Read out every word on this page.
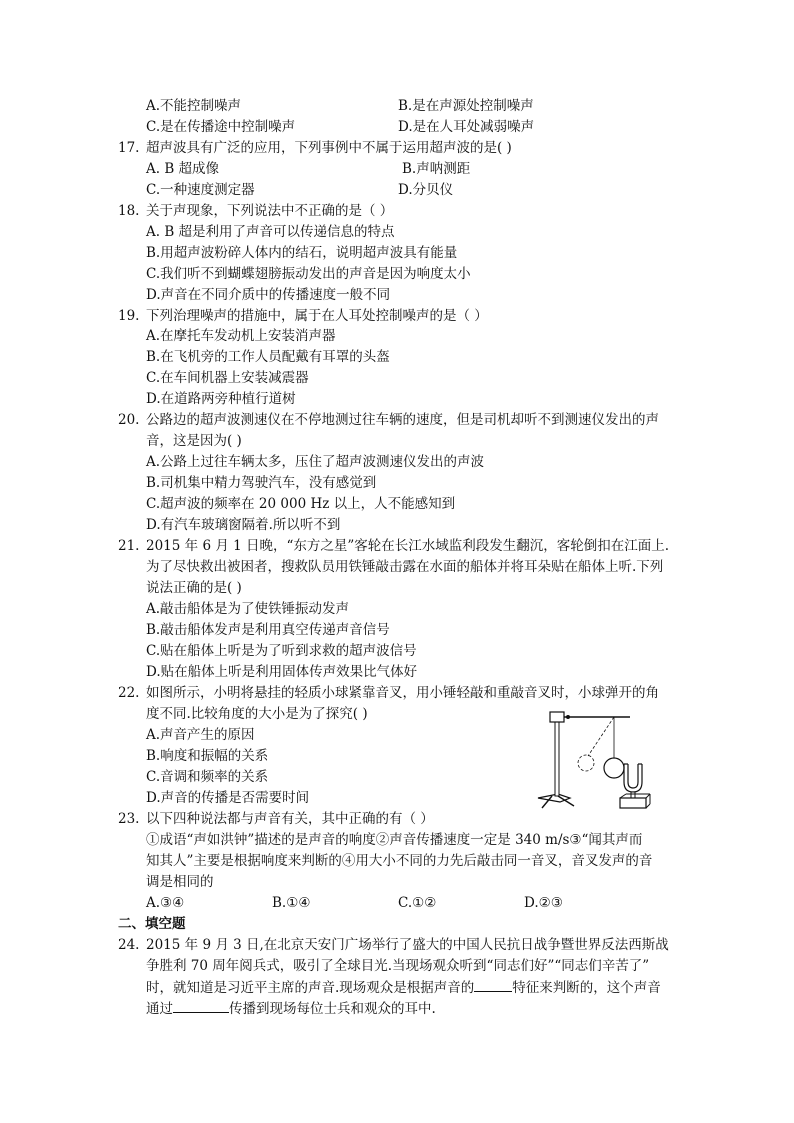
A.不能控制噪声	B.是在声源处控制噪声
C.是在传播途中控制噪声	D.是在人耳处减弱噪声
17. 超声波具有广泛的应用，下列事例中不属于运用超声波的是( )
A. B 超成像	B.声呐测距
C.一种速度测定器	D.分贝仪
18. 关于声现象，下列说法中不正确的是（ ）
A. B 超是利用了声音可以传递信息的特点
B.用超声波粉碎人体内的结石，说明超声波具有能量
C.我们听不到蝴蝶翅膀振动发出的声音是因为响度太小
D.声音在不同介质中的传播速度一般不同
19. 下列治理噪声的措施中，属于在人耳处控制噪声的是（ ）
A.在摩托车发动机上安装消声器
B.在飞机旁的工作人员配戴有耳罩的头盔
C.在车间机器上安装减震器
D.在道路两旁种植行道树
20. 公路边的超声波测速仪在不停地测过往车辆的速度，但是司机却听不到测速仪发出的声
音，这是因为( )
A.公路上过往车辆太多，压住了超声波测速仪发出的声波
B.司机集中精力驾驶汽车，没有感觉到
C.超声波的频率在 20 000 Hz 以上，人不能感知到
D.有汽车玻璃窗隔着.所以听不到
21. 2015 年 6 月 1 日晚，“东方之星”客轮在长江水域监利段发生翻沉，客轮倒扣在江面上.
为了尽快救出被困者，搜救队员用铁锤敲击露在水面的船体并将耳朵贴在船体上听.下列
说法正确的是( )
A.敲击船体是为了使铁锤振动发声
B.敲击船体发声是利用真空传递声音信号
C.贴在船体上听是为了听到求救的超声波信号
D.贴在船体上听是利用固体传声效果比气体好
22. 如图所示，小明将悬挂的轻质小球紧靠音叉，用小锤轻敲和重敲音叉时，小球弹开的角
度不同.比较角度的大小是为了探究( )
A.声音产生的原因
B.响度和振幅的关系
C.音调和频率的关系
D.声音的传播是否需要时间
23. 以下四种说法都与声音有关，其中正确的有（ ）
①成语“声如洪钟”描述的是声音的响度②声音传播速度一定是 340 m/s③“闻其声而
知其人”主要是根据响度来判断的④用大小不同的力先后敲击同一音叉，音叉发声的音
调是相同的
A.③④	B.①④	C.①②	D.②③
二、填空题
24. 2015 年 9 月 3 日,在北京天安门广场举行了盛大的中国人民抗日战争暨世界反法西斯战
争胜利 70 周年阅兵式，吸引了全球目光.当现场观众听到“同志们好”“同志们辛苦了”
时，就知道是习近平主席的声音.现场观众是根据声音的	特征来判断的，这个声音
通过	传播到现场每位士兵和观众的耳中.
